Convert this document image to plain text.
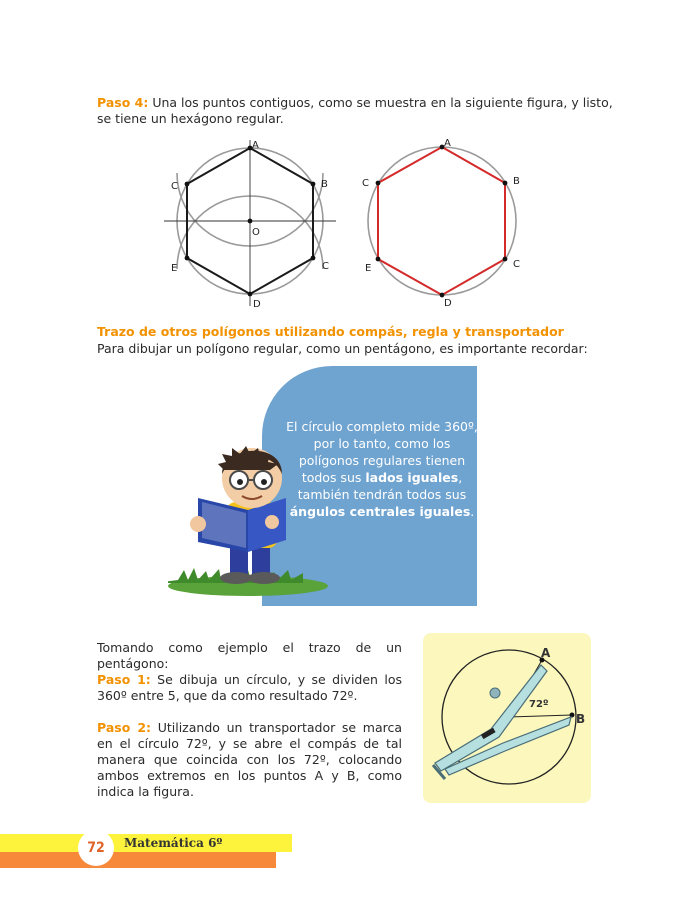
Paso 4: Una los puntos contiguos, como se muestra en la siguiente figura, y listo, se tiene un hexágono regular.

A
B
C
C
D
E
O
A
B
C
C
D
E

Trazo de otros polígonos utilizando compás, regla y transportador

Para dibujar un polígono regular, como un pentágono, es importante recordar:

El círculo completo mide 360º,
por lo tanto, como los
polígonos regulares tienen
todos sus lados iguales,
también tendrán todos sus
ángulos centrales iguales.

Tomando como ejemplo el trazo de un pentágono:

Paso 1: Se dibuja un círculo, y se dividen los 360º entre 5, que da como resultado 72º.

Paso 2: Utilizando un transportador se marca en el círculo 72º, y se abre el compás de tal manera que coincida con los 72º, colocando ambos extremos en los puntos A y B, como indica la figura.

A
B
72º
72	Matemática 6º
